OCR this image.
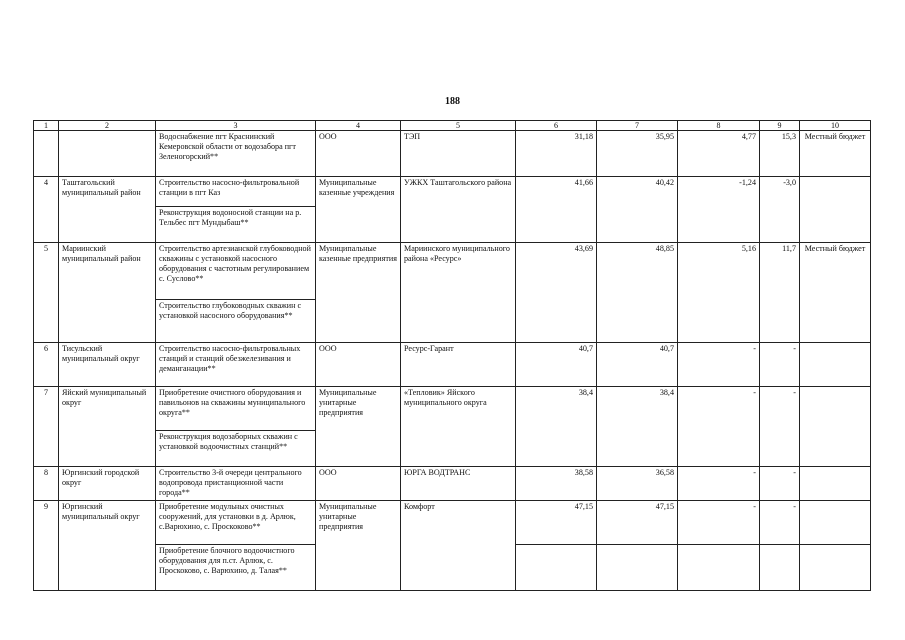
188
1	2	3	4	5	6	7	8	9	10
		Водоснабжение пгт Краснинский Кемеровской области от водозабора пгт Зеленогорский**	ООО	ТЭП	31,18	35,95	4,77	15,3	Местный бюджет
4	Таштагольский муниципальный район	Строительство насосно-фильтровальной станции в пгт Каз	Муниципальные казенные учреждения	УЖКХ Таштагольского района	41,66	40,42	-1,24	-3,0	
		Реконструкция водоносной станции на р. Тельбес пгт Мундыбаш**							
5	Мариинский муниципальный район	Строительство артезианской глубоководной скважины с установкой насосного оборудования с частотным регулированием с. Суслово**	Муниципальные казенные предприятия	Мариинского муниципального района «Ресурс»	43,69	48,85	5,16	11,7	Местный бюджет
		Строительство глубоководных скважин с установкой насосного оборудования**							
6	Тисульский муниципальный округ	Строительство насосно-фильтровальных станций и станций обезжелезивания и деманганации**	ООО	Ресурс-Гарант	40,7	40,7	-	-	
7	Яйский муниципальный округ	Приобретение очистного оборудования и павильонов на скважины муниципального округа**	Муниципальные унитарные предприятия	«Тепловик» Яйского муниципального округа	38,4	38,4	-	-	
		Реконструкция водозаборных скважин с установкой водоочистных станций**							
8	Юргинский городской округ	Строительство 3-й очереди центрального водопровода пристанционной части города**	ООО	ЮРГА ВОДТРАНС	38,58	36,58	-	-	
9	Юргинский муниципальный округ	Приобретение модульных очистных сооружений, для установки в д. Арлюк, с.Варюхино, с. Проскоково**	Муниципальные унитарные предприятия	Комфорт	47,15	47,15	-	-	
		Приобретение блочного водоочистного оборудования для п.ст. Арлюк, с. Проскоково, с. Варюхино, д. Талая**							
